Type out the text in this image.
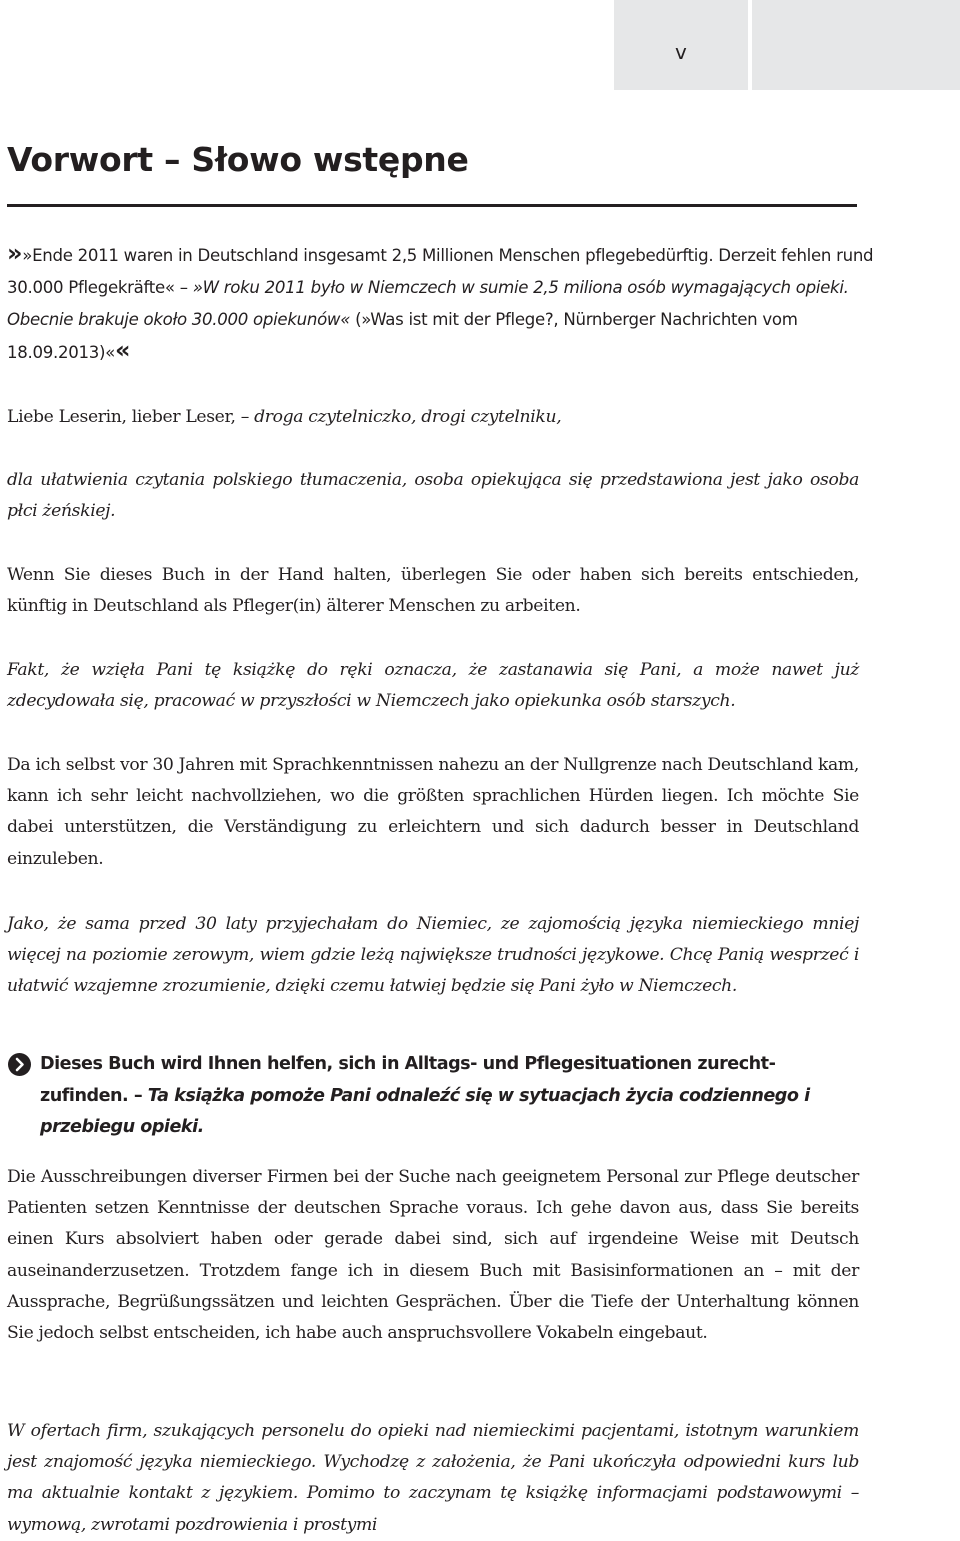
v
Vorwort – Słowo wstępne
»»Ende 2011 waren in Deutschland insgesamt 2,5 Millionen Menschen pflegebedürftig. Derzeit fehlen rund 30.000 Pflegekräfte« – »W roku 2011 było w Niemczech w sumie 2,5 miliona osób wymagających opieki. Obecnie brakuje około 30.000 opiekunów« (»Was ist mit der Pflege?, Nürnberger Nachrichten vom 18.09.2013)««

Liebe Leserin, lieber Leser, – droga czytelniczko, drogi czytelniku,

dla ułatwienia czytania polskiego tłumaczenia, osoba opiekująca się przedstawiona jest jako osoba płci żeńskiej.

Wenn Sie dieses Buch in der Hand halten, überlegen Sie oder haben sich bereits entschieden, künftig in Deutschland als Pfleger(in) älterer Menschen zu arbeiten.

Fakt, że wzięła Pani tę książkę do ręki oznacza, że zastanawia się Pani, a może nawet już zdecydowała się, pracować w przyszłości w Niemczech jako opiekunka osób starszych.

Da ich selbst vor 30 Jahren mit Sprachkenntnissen nahezu an der Nullgrenze nach Deutschland kam, kann ich sehr leicht nachvollziehen, wo die größten sprachlichen Hürden liegen. Ich möchte Sie dabei unterstützen, die Verständigung zu erleichtern und sich dadurch besser in Deutschland einzuleben.

Jako, że sama przed 30 laty przyjechałam do Niemiec, ze zajomością języka niemieckiego mniej więcej na poziomie zerowym, wiem gdzie leżą największe trudności językowe. Chcę Panią wesprzeć i ułatwić wzajemne zrozumienie, dzięki czemu łatwiej będzie się Pani żyło w Niemczech.

Dieses Buch wird Ihnen helfen, sich in Alltags- und Pflegesituationen zurechtzufinden. – Ta książka pomoże Pani odnaleźć się w sytuacjach życia codziennego i przebiegu opieki.

Die Ausschreibungen diverser Firmen bei der Suche nach geeignetem Personal zur Pflege deutscher Patienten setzen Kenntnisse der deutschen Sprache voraus. Ich gehe davon aus, dass Sie bereits einen Kurs absolviert haben oder gerade dabei sind, sich auf irgendeine Weise mit Deutsch auseinanderzusetzen. Trotzdem fange ich in diesem Buch mit Basisinformationen an – mit der Aussprache, Begrüßungssätzen und leichten Gesprächen. Über die Tiefe der Unterhaltung können Sie jedoch selbst entscheiden, ich habe auch anspruchsvollere Vokabeln eingebaut.

W ofertach firm, szukających personelu do opieki nad niemieckimi pacjentami, istotnym warunkiem jest znajomość języka niemieckiego. Wychodzę z założenia, że Pani ukończyła odpowiedni kurs lub ma aktualnie kontakt z językiem. Pomimo to zaczynam tę książkę informacjami podstawowymi – wymową, zwrotami pozdrowienia i prostymi
